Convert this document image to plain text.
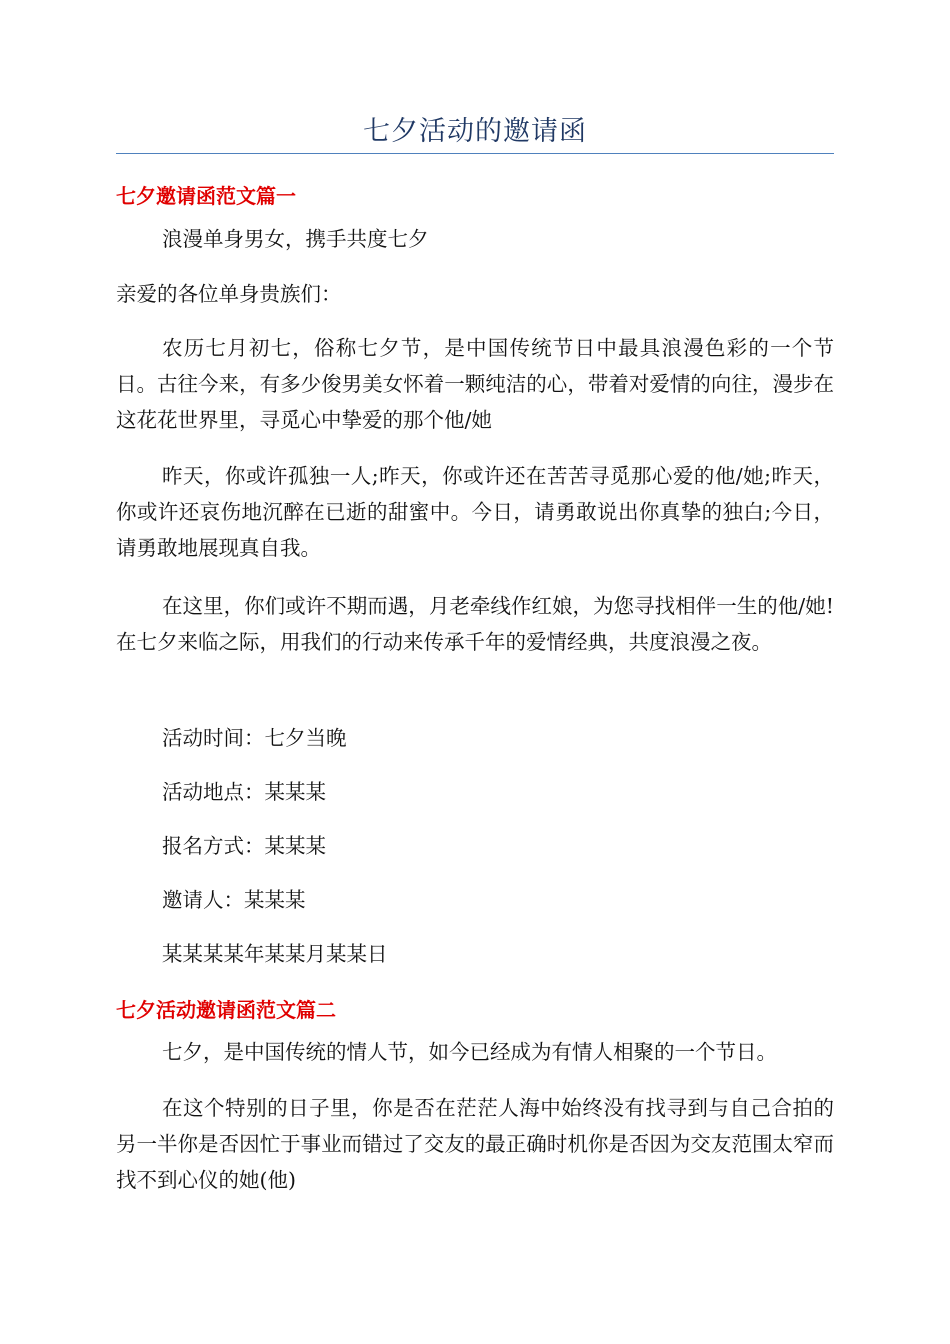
七夕活动的邀请函
七夕邀请函范文篇一

浪漫单身男女，携手共度七夕

亲爱的各位单身贵族们：

农历七月初七，俗称七夕节，是中国传统节日中最具浪漫色彩的一个节日。古往今来，有多少俊男美女怀着一颗纯洁的心，带着对爱情的向往，漫步在这花花世界里，寻觅心中挚爱的那个他/她

昨天，你或许孤独一人;昨天，你或许还在苦苦寻觅那心爱的他/她;昨天，你或许还哀伤地沉醉在已逝的甜蜜中。今日，请勇敢说出你真挚的独白;今日，请勇敢地展现真自我。

在这里，你们或许不期而遇，月老牵线作红娘，为您寻找相伴一生的他/她!在七夕来临之际，用我们的行动来传承千年的爱情经典，共度浪漫之夜。

活动时间：七夕当晚

活动地点：某某某

报名方式：某某某

邀请人：某某某

某某某某年某某月某某日

七夕活动邀请函范文篇二

七夕，是中国传统的情人节，如今已经成为有情人相聚的一个节日。

在这个特别的日子里，你是否在茫茫人海中始终没有找寻到与自己合拍的另一半你是否因忙于事业而错过了交友的最正确时机你是否因为交友范围太窄而找不到心仪的她(他)
